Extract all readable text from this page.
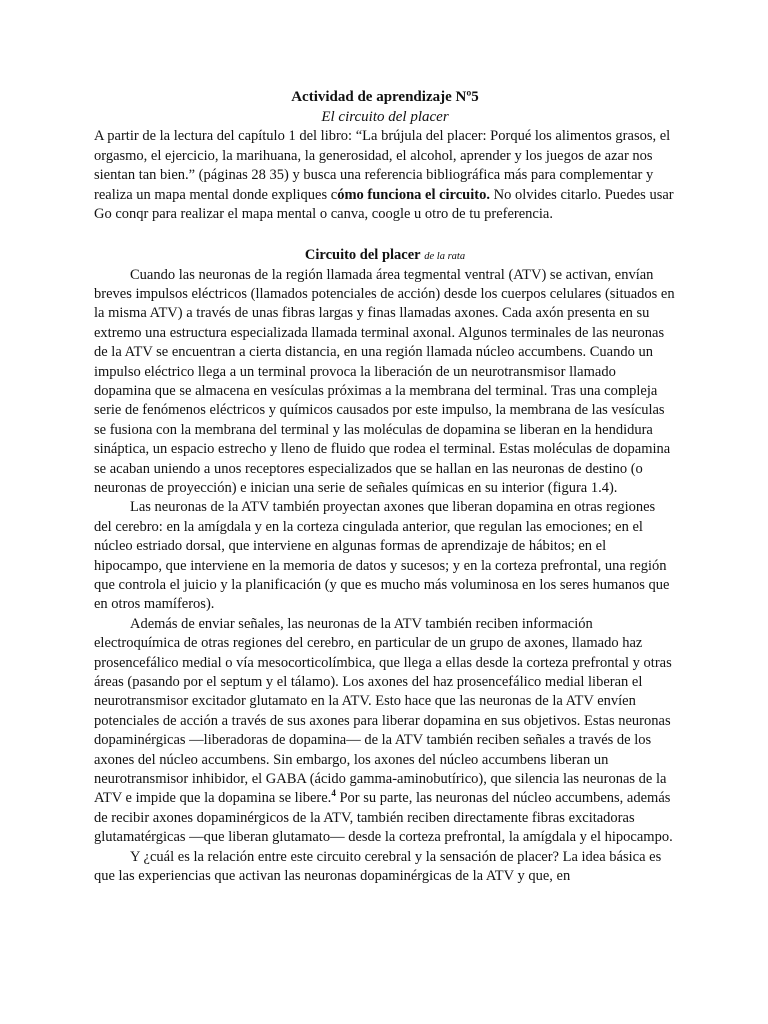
Actividad de aprendizaje Nº5
El circuito del placer

A partir de la lectura del capítulo 1 del libro: “La brújula del placer: Porqué los alimentos grasos, el orgasmo, el ejercicio, la marihuana, la generosidad, el alcohol, aprender y los juegos de azar nos sientan tan bien.” (páginas 28 35) y busca una referencia bibliográfica más para complementar y realiza un mapa mental donde expliques cómo funciona el circuito. No olvides citarlo. Puedes usar Go conqr para realizar el mapa mental o canva, coogle u otro de tu preferencia.

Circuito del placer de la rata

Cuando las neuronas de la región llamada área tegmental ventral (ATV) se activan, envían breves impulsos eléctricos (llamados potenciales de acción) desde los cuerpos celulares (situados en la misma ATV) a través de unas fibras largas y finas llamadas axones. Cada axón presenta en su extremo una estructura especializada llamada terminal axonal. Algunos terminales de las neuronas de la ATV se encuentran a cierta distancia, en una región llamada núcleo accumbens. Cuando un impulso eléctrico llega a un terminal provoca la liberación de un neurotransmisor llamado dopamina que se almacena en vesículas próximas a la membrana del terminal. Tras una compleja serie de fenómenos eléctricos y químicos causados por este impulso, la membrana de las vesículas se fusiona con la membrana del terminal y las moléculas de dopamina se liberan en la hendidura sináptica, un espacio estrecho y lleno de fluido que rodea el terminal. Estas moléculas de dopamina se acaban uniendo a unos receptores especializados que se hallan en las neuronas de destino (o neuronas de proyección) e inician una serie de señales químicas en su interior (figura 1.4).

Las neuronas de la ATV también proyectan axones que liberan dopamina en otras regiones del cerebro: en la amígdala y en la corteza cingulada anterior, que regulan las emociones; en el núcleo estriado dorsal, que interviene en algunas formas de aprendizaje de hábitos; en el hipocampo, que interviene en la memoria de datos y sucesos; y en la corteza prefrontal, una región que controla el juicio y la planificación (y que es mucho más voluminosa en los seres humanos que en otros mamíferos).

Además de enviar señales, las neuronas de la ATV también reciben información electroquímica de otras regiones del cerebro, en particular de un grupo de axones, llamado haz prosencefálico medial o vía mesocorticolímbica, que llega a ellas desde la corteza prefrontal y otras áreas (pasando por el septum y el tálamo). Los axones del haz prosencefálico medial liberan el neurotransmisor excitador glutamato en la ATV. Esto hace que las neuronas de la ATV envíen potenciales de acción a través de sus axones para liberar dopamina en sus objetivos. Estas neuronas dopaminérgicas —liberadoras de dopamina— de la ATV también reciben señales a través de los axones del núcleo accumbens. Sin embargo, los axones del núcleo accumbens liberan un neurotransmisor inhibidor, el GABA (ácido gamma-aminobutírico), que silencia las neuronas de la ATV e impide que la dopamina se libere.$^4$ Por su parte, las neuronas del núcleo accumbens, además de recibir axones dopaminérgicos de la ATV, también reciben directamente fibras excitadoras glutamatérgicas —que liberan glutamato— desde la corteza prefrontal, la amígdala y el hipocampo.

Y ¿cuál es la relación entre este circuito cerebral y la sensación de placer? La idea básica es que las experiencias que activan las neuronas dopaminérgicas de la ATV y que, en
